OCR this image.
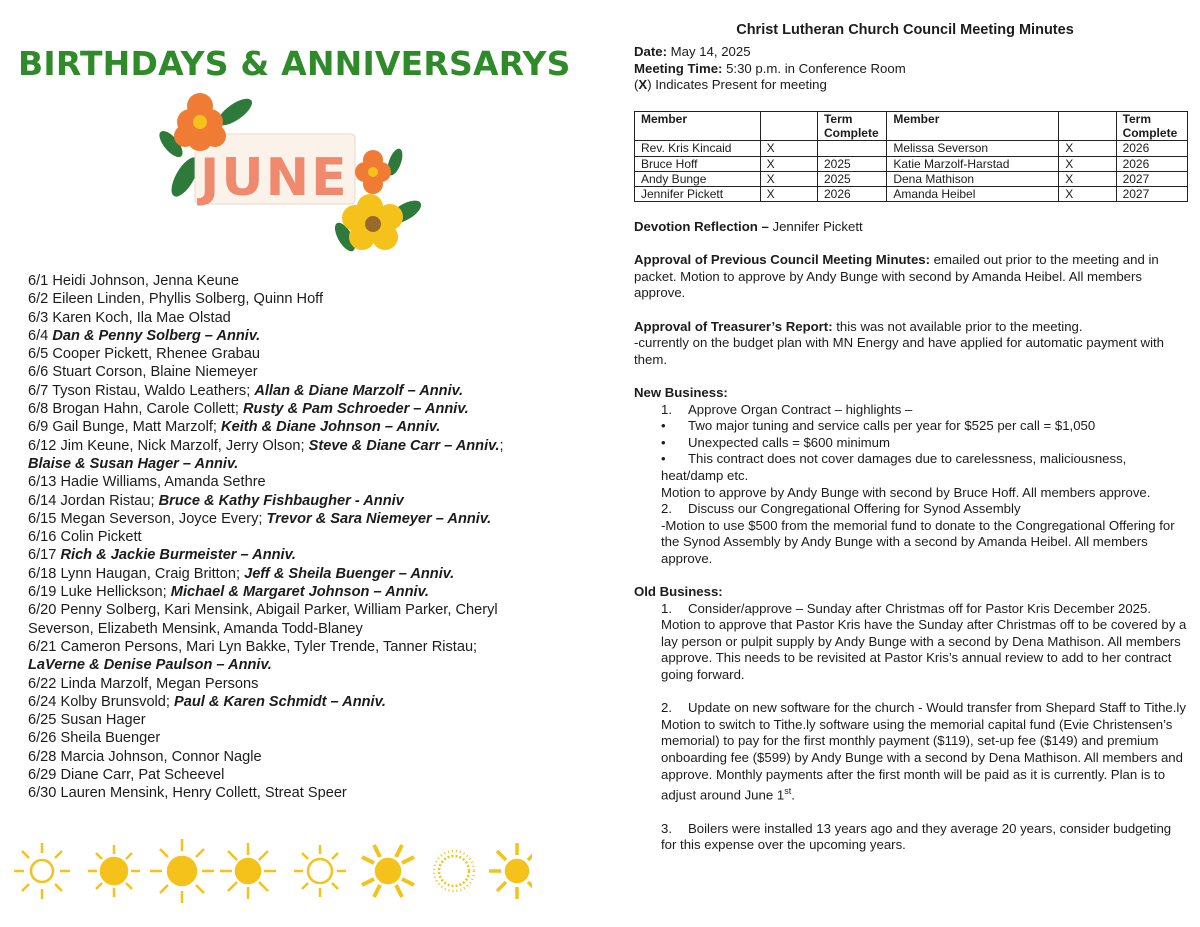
BIRTHDAYS & ANNIVERSARYS
JUNE
6/1 Heidi Johnson, Jenna Keune
6/2 Eileen Linden, Phyllis Solberg, Quinn Hoff
6/3 Karen Koch, Ila Mae Olstad
6/4 Dan & Penny Solberg – Anniv.
6/5 Cooper Pickett, Rhenee Grabau
6/6 Stuart Corson, Blaine Niemeyer
6/7 Tyson Ristau, Waldo Leathers; Allan & Diane Marzolf – Anniv.
6/8 Brogan Hahn, Carole Collett; Rusty & Pam Schroeder – Anniv.
6/9 Gail Bunge, Matt Marzolf; Keith & Diane Johnson – Anniv.
6/12 Jim Keune, Nick Marzolf, Jerry Olson; Steve & Diane Carr – Anniv.;
Blaise & Susan Hager – Anniv.
6/13 Hadie Williams, Amanda Sethre
6/14 Jordan Ristau; Bruce & Kathy Fishbaugher - Anniv
6/15 Megan Severson, Joyce Every; Trevor & Sara Niemeyer – Anniv.
6/16 Colin Pickett
6/17 Rich & Jackie Burmeister – Anniv.
6/18 Lynn Haugan, Craig Britton; Jeff & Sheila Buenger – Anniv.
6/19 Luke Hellickson; Michael & Margaret Johnson – Anniv.
6/20 Penny Solberg, Kari Mensink, Abigail Parker, William Parker, Cheryl
Severson, Elizabeth Mensink, Amanda Todd-Blaney
6/21 Cameron Persons, Mari Lyn Bakke, Tyler Trende, Tanner Ristau;
LaVerne & Denise Paulson – Anniv.
6/22 Linda Marzolf, Megan Persons
6/24 Kolby Brunsvold; Paul & Karen Schmidt – Anniv.
6/25 Susan Hager
6/26 Sheila Buenger
6/28 Marcia Johnson, Connor Nagle
6/29 Diane Carr, Pat Scheevel
6/30 Lauren Mensink, Henry Collett, Streat Speer
Christ Lutheran Church Council Meeting Minutes
Date: May 14, 2025
Meeting Time: 5:30 p.m. in Conference Room
(X) Indicates Present for meeting
Member		Term Complete	Member		Term Complete
Rev. Kris Kincaid	X		Melissa Severson	X	2026
Bruce Hoff	X	2025	Katie Marzolf-Harstad	X	2026
Andy Bunge	X	2025	Dena Mathison	X	2027
Jennifer Pickett	X	2026	Amanda Heibel	X	2027

Devotion Reflection – Jennifer Pickett

Approval of Previous Council Meeting Minutes: emailed out prior to the meeting and in packet. Motion to approve by Andy Bunge with second by Amanda Heibel. All members approve.

Approval of Treasurer’s Report: this was not available prior to the meeting.

-currently on the budget plan with MN Energy and have applied for automatic payment with them.

New Business:

1. Approve Organ Contract – highlights –

• Two major tuning and service calls per year for $525 per call = $1,050

• Unexpected calls = $600 minimum

• This contract does not cover damages due to carelessness, maliciousness, heat/damp etc.

Motion to approve by Andy Bunge with second by Bruce Hoff. All members approve.

2. Discuss our Congregational Offering for Synod Assembly

-Motion to use $500 from the memorial fund to donate to the Congregational Offering for the Synod Assembly by Andy Bunge with a second by Amanda Heibel. All members approve.

Old Business:

1. Consider/approve – Sunday after Christmas off for Pastor Kris December 2025.

Motion to approve that Pastor Kris have the Sunday after Christmas off to be covered by a lay person or pulpit supply by Andy Bunge with a second by Dena Mathison. All members approve. This needs to be revisited at Pastor Kris’s annual review to add to her contract going forward.

2. Update on new software for the church - Would transfer from Shepard Staff to Tithe.ly

Motion to switch to Tithe.ly software using the memorial capital fund (Evie Christensen’s memorial) to pay for the first monthly payment ($119), set-up fee ($149) and premium onboarding fee ($599) by Andy Bunge with a second by Dena Mathison. All members and approve. Monthly payments after the first month will be paid as it is currently. Plan is to adjust around June 1st.

3. Boilers were installed 13 years ago and they average 20 years, consider budgeting for this expense over the upcoming years.
